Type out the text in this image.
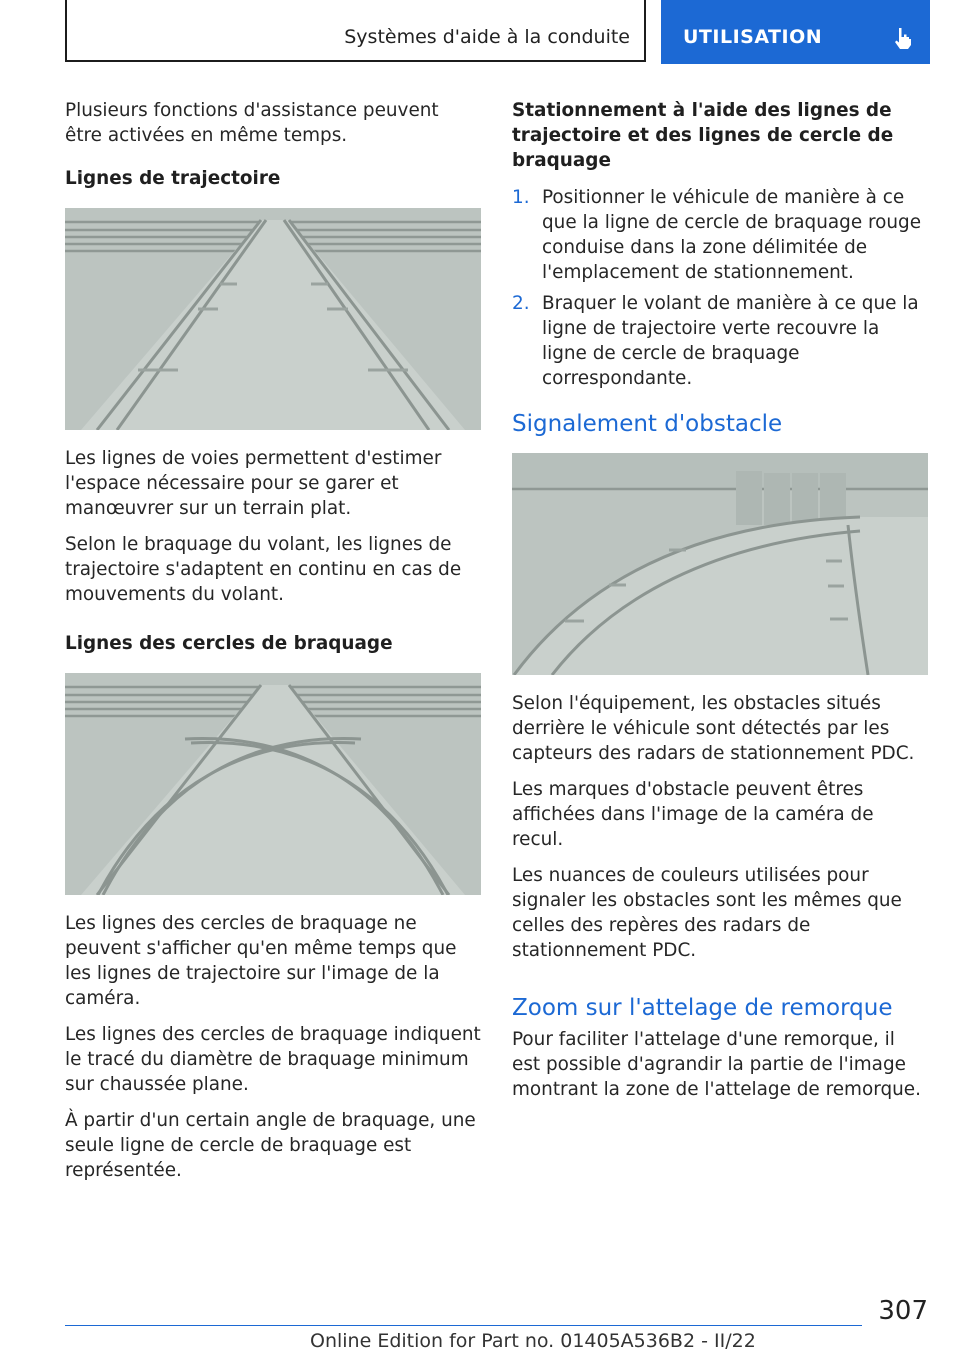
Systèmes d'aide à la conduite	UTILISATION

Plusieurs fonctions d'assistance peuvent être activées en même temps.

Lignes de trajectoire

Les lignes de voies permettent d'estimer l'espace nécessaire pour se garer et manœuvrer sur un terrain plat.

Selon le braquage du volant, les lignes de trajectoire s'adaptent en continu en cas de mouvements du volant.

Lignes des cercles de braquage

Les lignes des cercles de braquage ne peuvent s'afficher qu'en même temps que les lignes de trajectoire sur l'image de la caméra.

Les lignes des cercles de braquage indiquent le tracé du diamètre de braquage minimum sur chaussée plane.

À partir d'un certain angle de braquage, une seule ligne de cercle de braquage est représentée.

Stationnement à l'aide des lignes de trajectoire et des lignes de cercle de braquage
1. Positionner le véhicule de manière à ce que la ligne de cercle de braquage rouge conduise dans la zone délimitée de l'emplacement de stationnement.
2. Braquer le volant de manière à ce que la ligne de trajectoire verte recouvre la ligne de cercle de braquage correspondante.
Signalement d'obstacle

Selon l'équipement, les obstacles situés derrière le véhicule sont détectés par les capteurs des radars de stationnement PDC.

Les marques d'obstacle peuvent êtres affichées dans l'image de la caméra de recul.

Les nuances de couleurs utilisées pour signaler les obstacles sont les mêmes que celles des repères des radars de stationnement PDC.

Zoom sur l'attelage de remorque

Pour faciliter l'attelage d'une remorque, il est possible d'agrandir la partie de l'image montrant la zone de l'attelage de remorque.

307
Online Edition for Part no. 01405A536B2 - II/22
